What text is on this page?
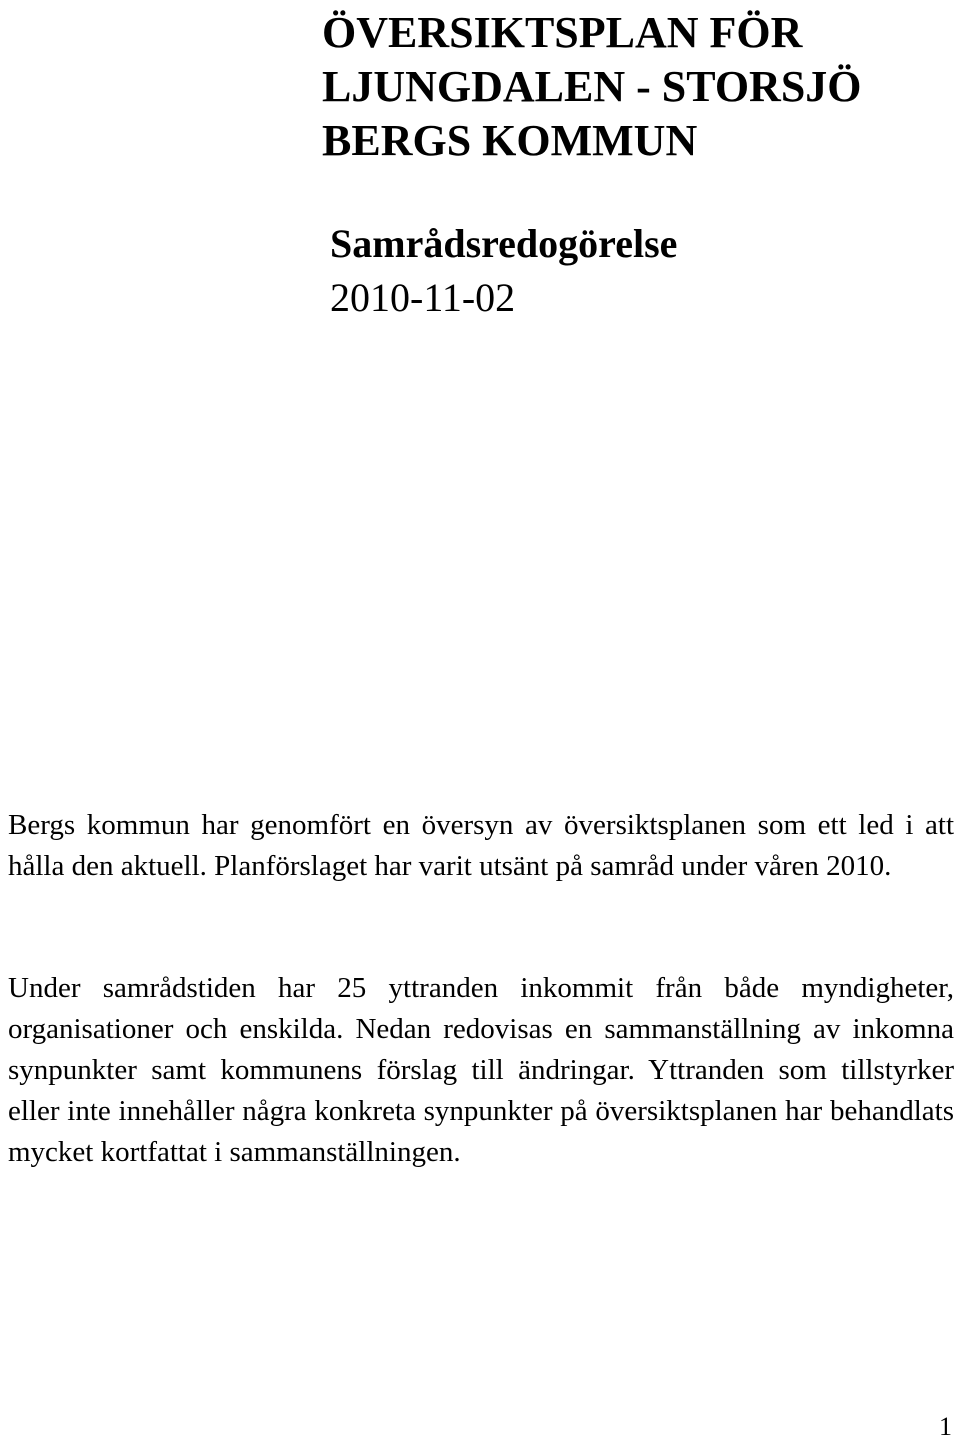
ÖVERSIKTSPLAN FÖR

LJUNGDALEN - STORSJÖ

BERGS KOMMUN

Samrådsredogörelse

2010-11-02

Bergs kommun har genomfört en översyn av översiktsplanen som ett led i att hålla den aktuell. Planförslaget har varit utsänt på samråd under våren 2010.

Under samrådstiden har 25 yttranden inkommit från både myndigheter, organisationer och enskilda. Nedan redovisas en sammanställning av inkomna synpunkter samt kommunens förslag till ändringar. Yttranden som tillstyrker eller inte innehåller några konkreta synpunkter på översiktsplanen har behandlats mycket kortfattat i sammanställningen.

1
